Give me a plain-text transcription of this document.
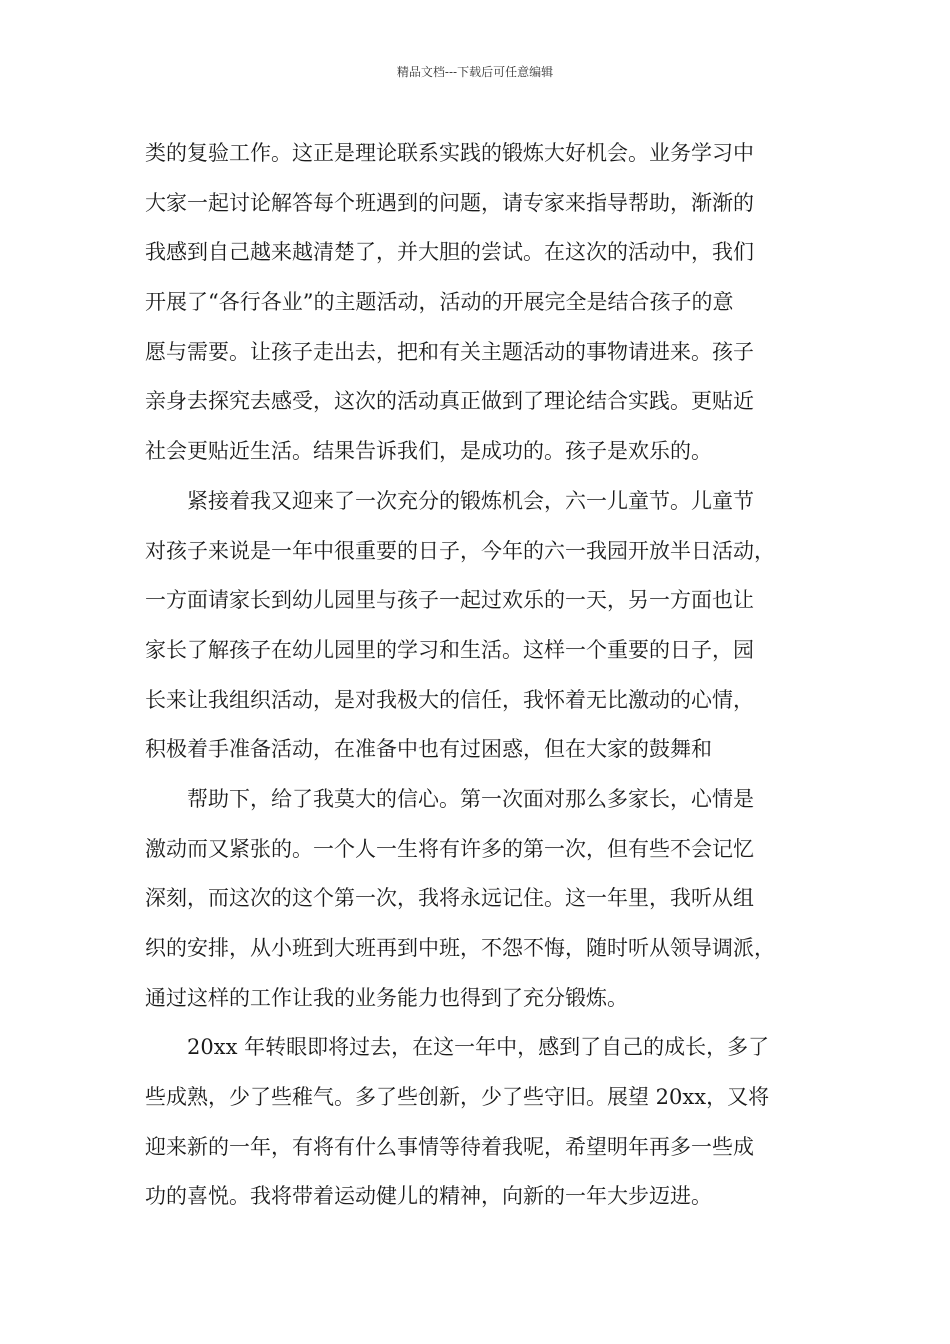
精品文档---下载后可任意编辑
类的复验工作。这正是理论联系实践的锻炼大好机会。业务学习中
大家一起讨论解答每个班遇到的问题，请专家来指导帮助，渐渐的
我感到自己越来越清楚了，并大胆的尝试。在这次的活动中，我们
开展了“各行各业”的主题活动，活动的开展完全是结合孩子的意
愿与需要。让孩子走出去，把和有关主题活动的事物请进来。孩子
亲身去探究去感受，这次的活动真正做到了理论结合实践。更贴近
社会更贴近生活。结果告诉我们，是成功的。孩子是欢乐的。
紧接着我又迎来了一次充分的锻炼机会，六一儿童节。儿童节
对孩子来说是一年中很重要的日子，今年的六一我园开放半日活动，
一方面请家长到幼儿园里与孩子一起过欢乐的一天，另一方面也让
家长了解孩子在幼儿园里的学习和生活。这样一个重要的日子，园
长来让我组织活动，是对我极大的信任，我怀着无比激动的心情，
积极着手准备活动，在准备中也有过困惑，但在大家的鼓舞和
帮助下，给了我莫大的信心。第一次面对那么多家长，心情是
激动而又紧张的。一个人一生将有许多的第一次，但有些不会记忆
深刻，而这次的这个第一次，我将永远记住。这一年里，我听从组
织的安排，从小班到大班再到中班，不怨不悔，随时听从领导调派，
通过这样的工作让我的业务能力也得到了充分锻炼。
20xx 年转眼即将过去，在这一年中，感到了自己的成长，多了
些成熟，少了些稚气。多了些创新，少了些守旧。展望 20xx，又将
迎来新的一年，有将有什么事情等待着我呢，希望明年再多一些成
功的喜悦。我将带着运动健儿的精神，向新的一年大步迈进。
